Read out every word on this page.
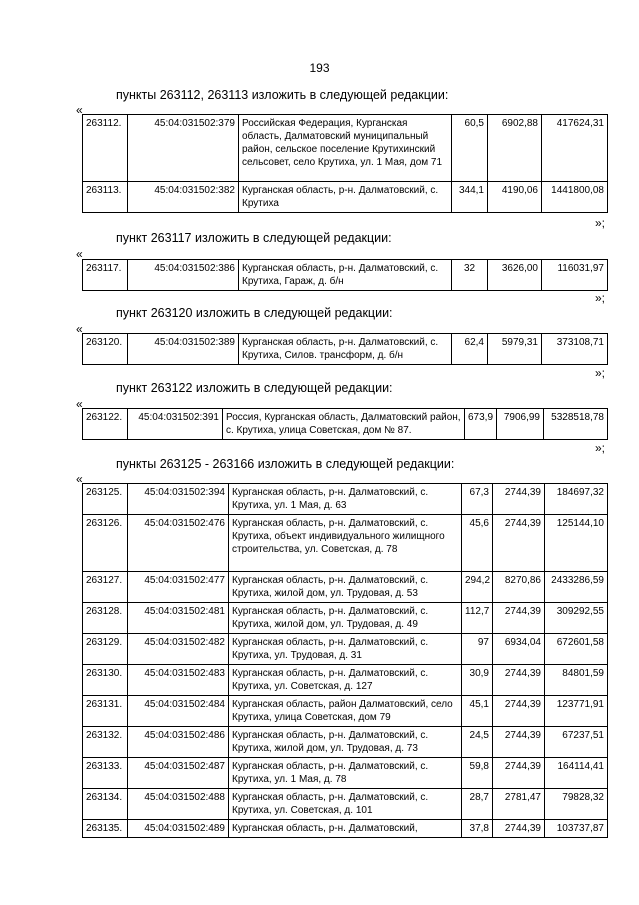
193
пункты 263112, 263113 изложить в следующей редакции:
«
263112.	45:04:031502:379	Российская Федерация, Курганская область, Далматовский муниципальный район, сельское поселение Крутихинский сельсовет, село Крутиха, ул. 1 Мая, дом 71	60,5	6902,88	417624,31
263113.	45:04:031502:382	Курганская область, р-н. Далматовский, с. Крутиха	344,1	4190,06	1441800,08
»;
пункт 263117 изложить в следующей редакции:
«
263117.	45:04:031502:386	Курганская область, р-н. Далматовский, с. Крутиха, Гараж, д. б/н	32	3626,00	116031,97
»;
пункт 263120 изложить в следующей редакции:
«
263120.	45:04:031502:389	Курганская область, р-н. Далматовский, с. Крутиха, Силов. трансформ, д. б/н	62,4	5979,31	373108,71
»;
пункт 263122 изложить в следующей редакции:
«
263122.	45:04:031502:391	Россия, Курганская область, Далматовский район, с. Крутиха, улица Советская, дом № 87.	673,9	7906,99	5328518,78
»;
пункты 263125 - 263166 изложить в следующей редакции:
«
263125.	45:04:031502:394	Курганская область, р-н. Далматовский, с. Крутиха, ул. 1 Мая, д. 63	67,3	2744,39	184697,32
263126.	45:04:031502:476	Курганская область, р-н. Далматовский, с. Крутиха, объект индивидуального жилищного строительства, ул. Советская, д. 78	45,6	2744,39	125144,10
263127.	45:04:031502:477	Курганская область, р-н. Далматовский, с. Крутиха, жилой дом, ул. Трудовая, д. 53	294,2	8270,86	2433286,59
263128.	45:04:031502:481	Курганская область, р-н. Далматовский, с. Крутиха, жилой дом, ул. Трудовая, д. 49	112,7	2744,39	309292,55
263129.	45:04:031502:482	Курганская область, р-н. Далматовский, с. Крутиха, ул. Трудовая, д. 31	97	6934,04	672601,58
263130.	45:04:031502:483	Курганская область, р-н. Далматовский, с. Крутиха, ул. Советская, д. 127	30,9	2744,39	84801,59
263131.	45:04:031502:484	Курганская область, район Далматовский, село Крутиха, улица Советская, дом 79	45,1	2744,39	123771,91
263132.	45:04:031502:486	Курганская область, р-н. Далматовский, с. Крутиха, жилой дом, ул. Трудовая, д. 73	24,5	2744,39	67237,51
263133.	45:04:031502:487	Курганская область, р-н. Далматовский, с. Крутиха, ул. 1 Мая, д. 78	59,8	2744,39	164114,41
263134.	45:04:031502:488	Курганская область, р-н. Далматовский, с. Крутиха, ул. Советская, д. 101	28,7	2781,47	79828,32
263135.	45:04:031502:489	Курганская область, р-н. Далматовский,	37,8	2744,39	103737,87
